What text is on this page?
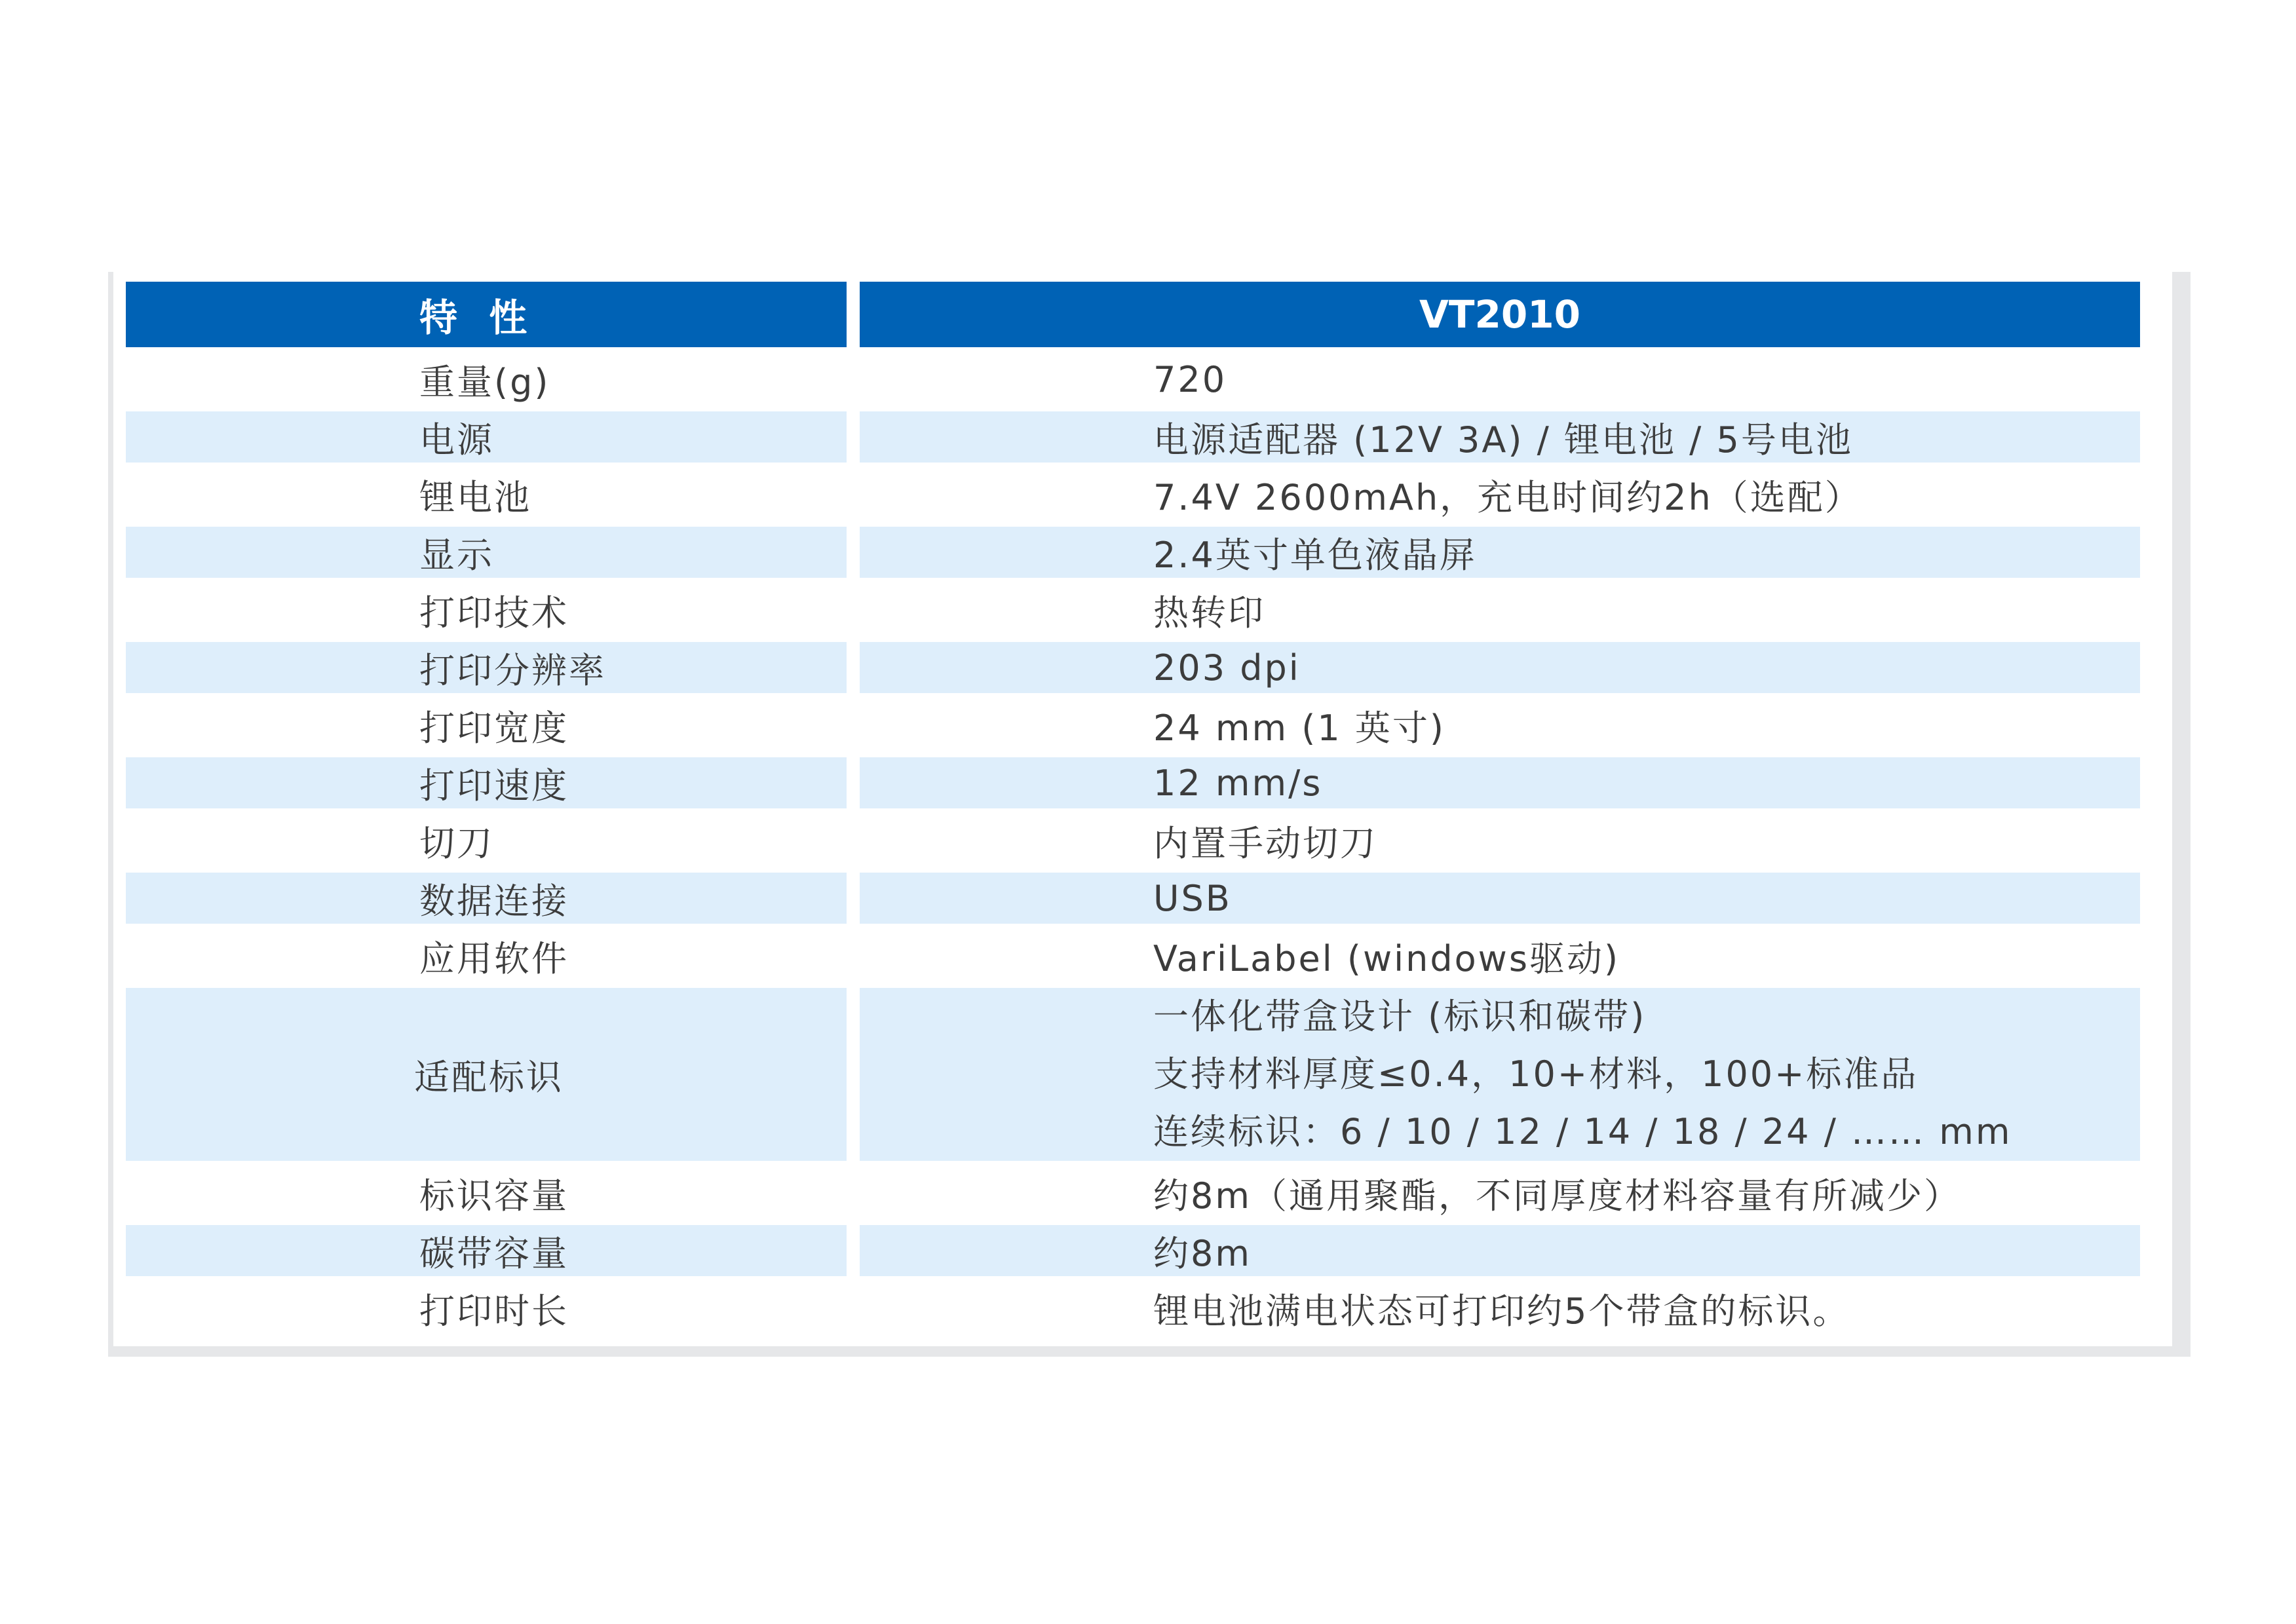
特 性	VT2010
重量(g)	720
电源	电源适配器 (12V 3A) / 锂电池 / 5号电池
锂电池	7.4V 2600mAh，充电时间约2h（选配）
显示	2.4英寸单色液晶屏
打印技术	热转印
打印分辨率	203 dpi
打印宽度	24 mm (1 英寸)
打印速度	12 mm/s
切刀	内置手动切刀
数据连接	USB
应用软件	VariLabel (windows驱动)
适配标识	一体化带盒设计 (标识和碳带)
支持材料厚度≤0.4，10+材料，100+标准品
连续标识：6 / 10 / 12 / 14 / 18 / 24 / …… mm

标识容量	约8m（通用聚酯，不同厚度材料容量有所减少）
碳带容量	约8m
打印时长	锂电池满电状态可打印约5个带盒的标识。
